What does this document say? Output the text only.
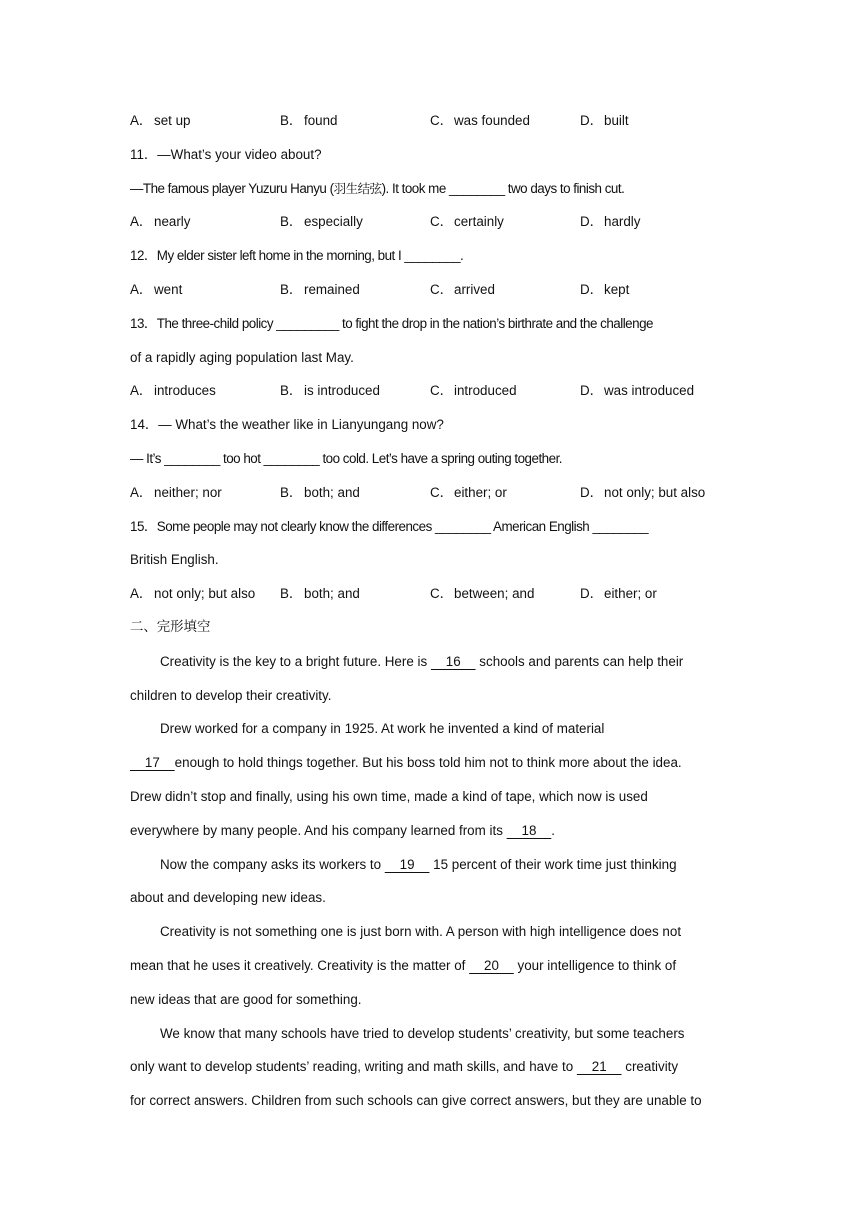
A． set up	B． found	C．was founded	D．built
11．—What’s your video about?
—The famous player Yuzuru Hanyu (羽生结弦). It took me ________ two days to finish cut.
A． nearly	B． especially	C．certainly	D．hardly
12．My elder sister left home in the morning, but I ________.
A． went	B． remained	C．arrived	D．kept
13．The three-child policy _________ to fight the drop in the nation’s birthrate and the challenge
of a rapidly aging population last May.
A． introduces	B． is introduced	C．introduced	D．was introduced
14．— What’s the weather like in Lianyungang now?
— It’s ________ too hot ________ too cold. Let’s have a spring outing together.
A． neither; nor	B． both; and	C．either; or	D．not only; but also
15．Some people may not clearly know the differences ________ American English ________
British English.
A． not only; but also	B． both; and	C．between; and	D．either; or
二、完形填空
Creativity is the key to a bright future. Here is     16     schools and parents can help their
children to develop their creativity.
Drew worked for a company in 1925. At work he invented a kind of material
17    enough to hold things together. But his boss told him not to think more about the idea.
Drew didn’t stop and finally, using his own time, made a kind of tape, which now is used
everywhere by many people. And his company learned from its     18    .
Now the company asks its workers to     19     15 percent of their work time just thinking
about and developing new ideas.
Creativity is not something one is just born with. A person with high intelligence does not
mean that he uses it creatively. Creativity is the matter of     20     your intelligence to think of
new ideas that are good for something.
We know that many schools have tried to develop students’ creativity, but some teachers
only want to develop students’ reading, writing and math skills, and have to     21     creativity
for correct answers. Children from such schools can give correct answers, but they are unable to
